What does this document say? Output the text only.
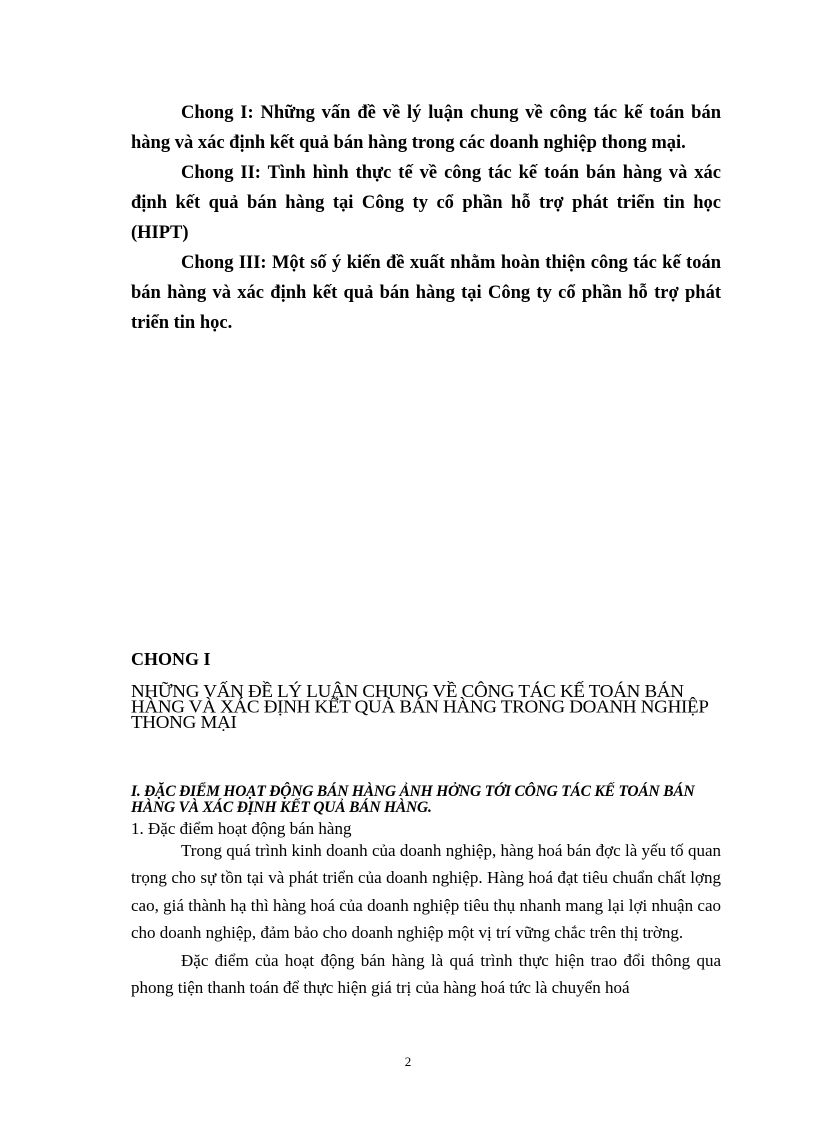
Chong I: Những vấn đề về lý luận chung về công tác kế toán bán hàng và xác định kết quả bán hàng trong các doanh nghiệp thong mại.

Chong II: Tình hình thực tế về công tác kế toán bán hàng và xác định kết quả bán hàng tại Công ty cổ phần hỗ trợ phát triển tin học (HIPT)

Chong III: Một số ý kiến đề xuất nhằm hoàn thiện công tác kế toán bán hàng và xác định kết quả bán hàng tại Công ty cổ phần hỗ trợ phát triển tin học.

CHONG I

NHỮNG VẤN ĐỀ LÝ LUẬN CHUNG VỀ CÔNG TÁC KẾ TOÁN BÁN HÀNG VÀ XÁC ĐỊNH KẾT QUẢ BÁN HÀNG TRONG DOANH NGHIỆP THONG MẠI

I. ĐẶC ĐIỂM HOẠT ĐỘNG BÁN HÀNG ẢNH HỞNG TỚI CÔNG TÁC KẾ TOÁN BÁN HÀNG VÀ XÁC ĐỊNH KẾT QUẢ BÁN HÀNG.

1. Đặc điểm hoạt động bán hàng

Trong quá trình kinh doanh của doanh nghiệp, hàng hoá bán đợc là yếu tố quan trọng cho sự tồn tại và phát triển của doanh nghiệp. Hàng hoá đạt tiêu chuẩn chất lợng cao, giá thành hạ thì hàng hoá của doanh nghiệp tiêu thụ nhanh mang lại lợi nhuận cao cho doanh nghiệp, đảm bảo cho doanh nghiệp một vị trí vững chắc trên thị trờng.

Đặc điểm của hoạt động bán hàng là quá trình thực hiện trao đổi thông qua phong tiện thanh toán để thực hiện giá trị của hàng hoá tức là chuyển hoá

2
